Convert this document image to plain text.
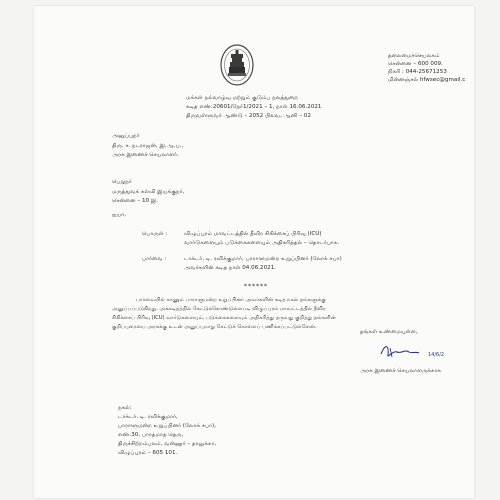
தலைமைச்செயலகம்
சென்னை – 600 009.
நிகரி : 044-25671253
மின்னஞ்சல் hfwsec@gmail.c
மக்கள் நல்வாழ்வு மற்றும் குடும்ப நலத்துறை
கடித எண்:20601/நேர்1/2021 – 1, நாள் 16.06.2021
திருவள்ளுவர் ஆண்டு – 2052 பிலவ, ஆனி – 02
அனுப்புநர்
திரு. ச. நடராஜன், இ.ஆ.ப.,
அரசு இணைச் செயலாளர்.
பெறுநர்
மருத்துவக் கல்வி இயக்குநர்,
சென்னை – 10 இ.
ஐயா,
பொருள் :	விழுப்புரம் மாவட்டத்தில் தீவிர சிகிச்சைப் பிரிவு (ICU)
வார்டுகளையும் படுக்கைகளையும் அதிகரித்தல் – தொடர்பாக.
பார்வை :	டாக்டர். டி. ரவிக்குமார், பாராளுமன்ற உறுப்பினர் (லோக் சபா)
அவர்களின் கடித நாள் 04.06.2021.
******
பார்வையில் காணும் பாராளுமன்ற உறுப்பினர் அவர்களின் கடித நகல் தங்களுக்கு
அனுப்பப்படுகிறது. அக்கடிதத்தில் கேட்டுக்கொண்டுள்ளபடி விழுப்புரம் மாவட்டத்தில் தீவிர
சிகிச்சைப் பிரிவு (ICU) வார்டுகளையும், படுக்கைகளையும் அதிகரித்து தருவது குறித்து தங்களின்
குறிப்புரையை அரசுக்கு உடன் அனுப்புமாறு கேட்டுக் கொள்ளப் பணிக்கப்பட்டுள்ளேன்.
தங்கள் உண்மையுள்ள,
14/6/2
அரசு இணைச் செயலாளருக்காக
நகல்:
டாக்டர். டி. ரவிக்குமார்,
பாராளுமன்ற உறுப்பினர் (லோக் சபா),
எண்.30, பாரதமாத தெரு,
திருச்சிற்றம்பலம், வன்னூர் – தாலுக்கா,
விழுப்புரம் – 605 101.
